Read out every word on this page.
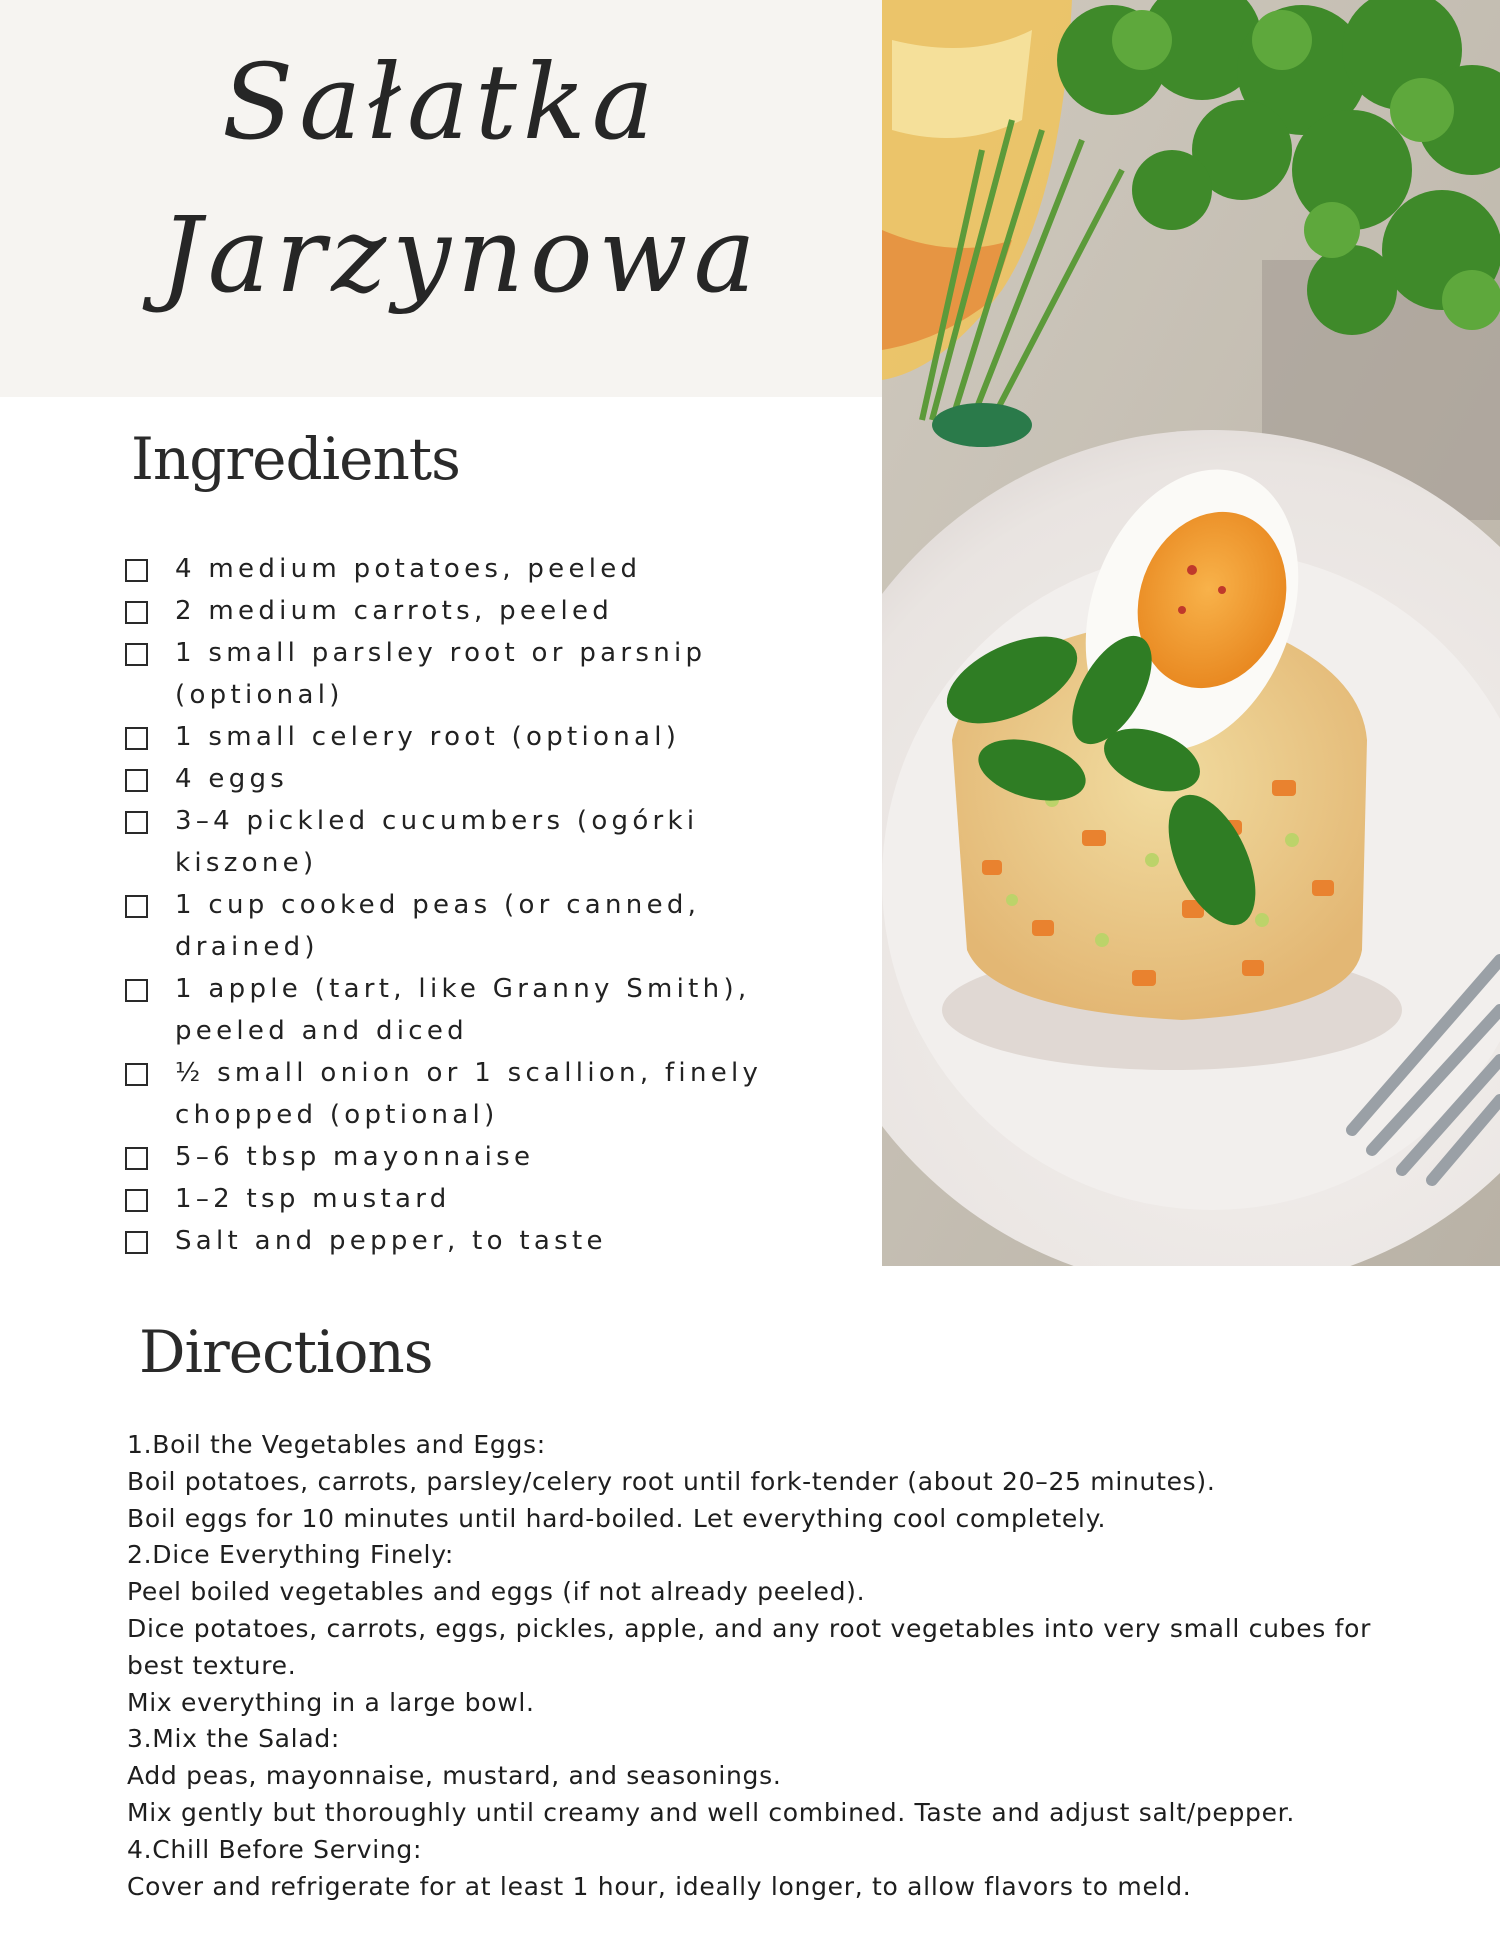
Sałatka
Jarzynowa
Ingredients
4 medium potatoes, peeled
2 medium carrots, peeled
1 small parsley root or parsnip (optional)
1 small celery root (optional)
4 eggs
3–4 pickled cucumbers (ogórki kiszone)
1 cup cooked peas (or canned, drained)
1 apple (tart, like Granny Smith), peeled and diced
½ small onion or 1 scallion, finely chopped (optional)
5–6 tbsp mayonnaise
1–2 tsp mustard
Salt and pepper, to taste
Directions
1.Boil the Vegetables and Eggs:
Boil potatoes, carrots, parsley/celery root until fork-tender (about 20–25 minutes).
Boil eggs for 10 minutes until hard-boiled. Let everything cool completely.
2.Dice Everything Finely:
Peel boiled vegetables and eggs (if not already peeled).
Dice potatoes, carrots, eggs, pickles, apple, and any root vegetables into very small cubes for best texture.
Mix everything in a large bowl.
3.Mix the Salad:
Add peas, mayonnaise, mustard, and seasonings.
Mix gently but thoroughly until creamy and well combined. Taste and adjust salt/pepper.
4.Chill Before Serving:
Cover and refrigerate for at least 1 hour, ideally longer, to allow flavors to meld.
